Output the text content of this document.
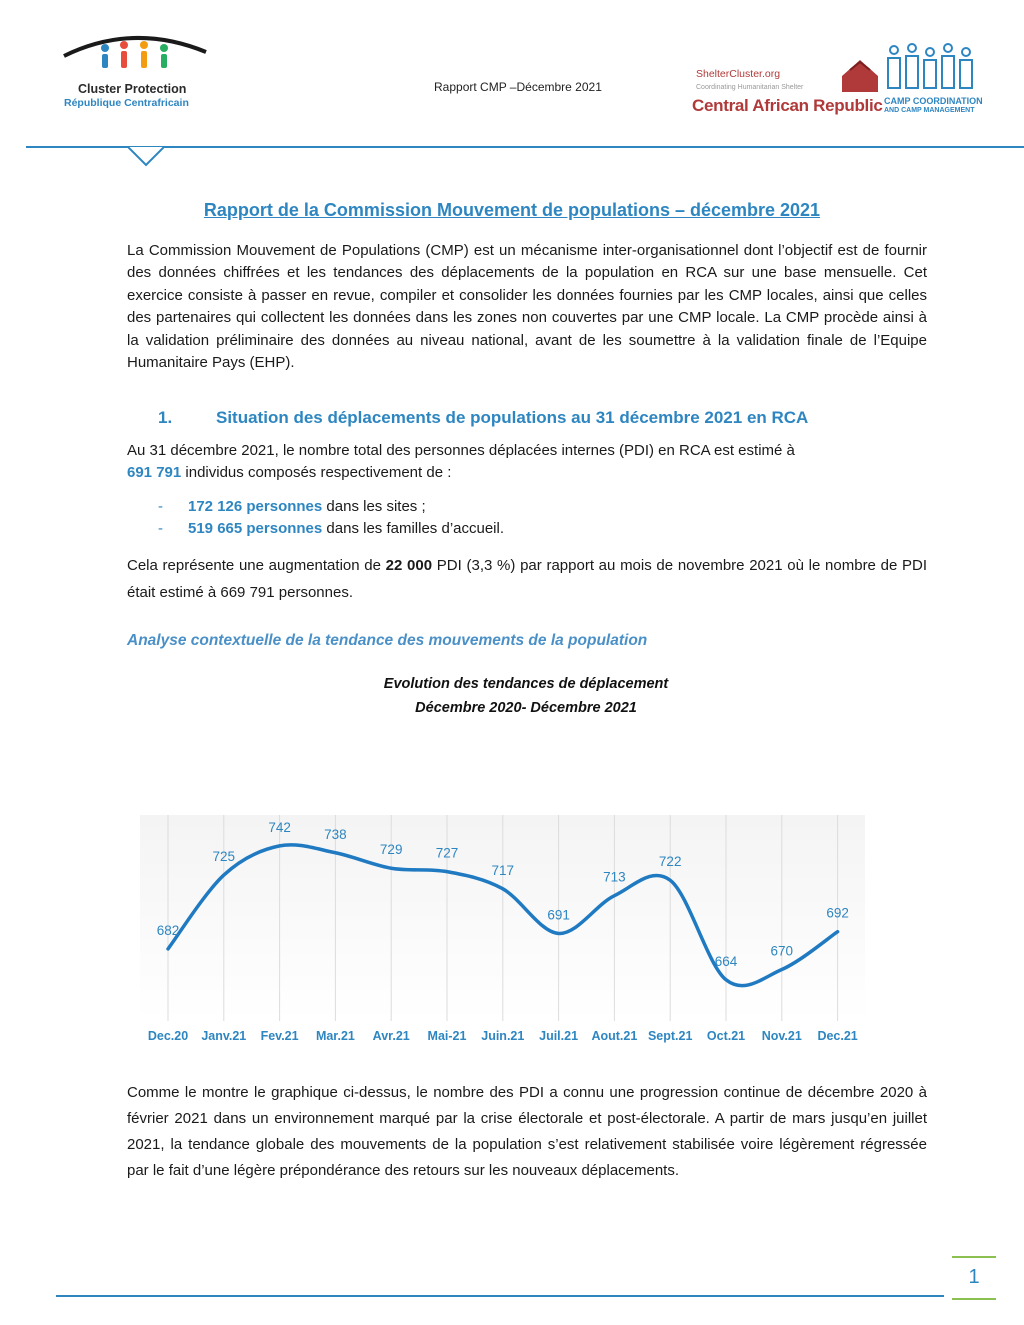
Cluster Protection
République Centrafricain
Rapport CMP –Décembre 2021
ShelterCluster.org
Coordinating Humanitarian Shelter
Central African Republic CAMP COORDINATION
AND CAMP MANAGEMENT
Rapport de la Commission Mouvement de populations – décembre 2021

La Commission Mouvement de Populations (CMP) est un mécanisme inter-organisationnel dont l’objectif est de fournir des données chiffrées et les tendances des déplacements de la population en RCA sur une base mensuelle. Cet exercice consiste à passer en revue, compiler et consolider les données fournies par les CMP locales, ainsi que celles des partenaires qui collectent les données dans les zones non couvertes par une CMP locale. La CMP procède ainsi à la validation préliminaire des données au niveau national, avant de les soumettre à la validation finale de l’Equipe Humanitaire Pays (EHP).

1.	Situation des déplacements de populations au 31 décembre 2021 en RCA

Au 31 décembre 2021, le nombre total des personnes déplacées internes (PDI) en RCA est estimé à
691 791 individus composés respectivement de :

- 172 126 personnes dans les sites ;
- 519 665 personnes dans les familles d’accueil.

Cela représente une augmentation de 22 000 PDI (3,3 %) par rapport au mois de novembre 2021 où le nombre de PDI était estimé à 669 791 personnes.

Analyse contextuelle de la tendance des mouvements de la population
Evolution des tendances de déplacement
Décembre 2020- Décembre 2021
682
725
742 738
729 727
717
691
713
722
664
670
692
Dec.20 Janv.21 Fev.21 Mar.21 Avr.21 Mai-21 Juin.21 Juil.21 Aout.21 Sept.21 Oct.21 Nov.21 Dec.21

Comme le montre le graphique ci-dessus, le nombre des PDI a connu une progression continue de décembre 2020 à février 2021 dans un environnement marqué par la crise électorale et post-électorale. A partir de mars jusqu’en juillet 2021, la tendance globale des mouvements de la population s’est relativement stabilisée voire légèrement régressée par le fait d’une légère prépondérance des retours sur les nouveaux déplacements.

1
